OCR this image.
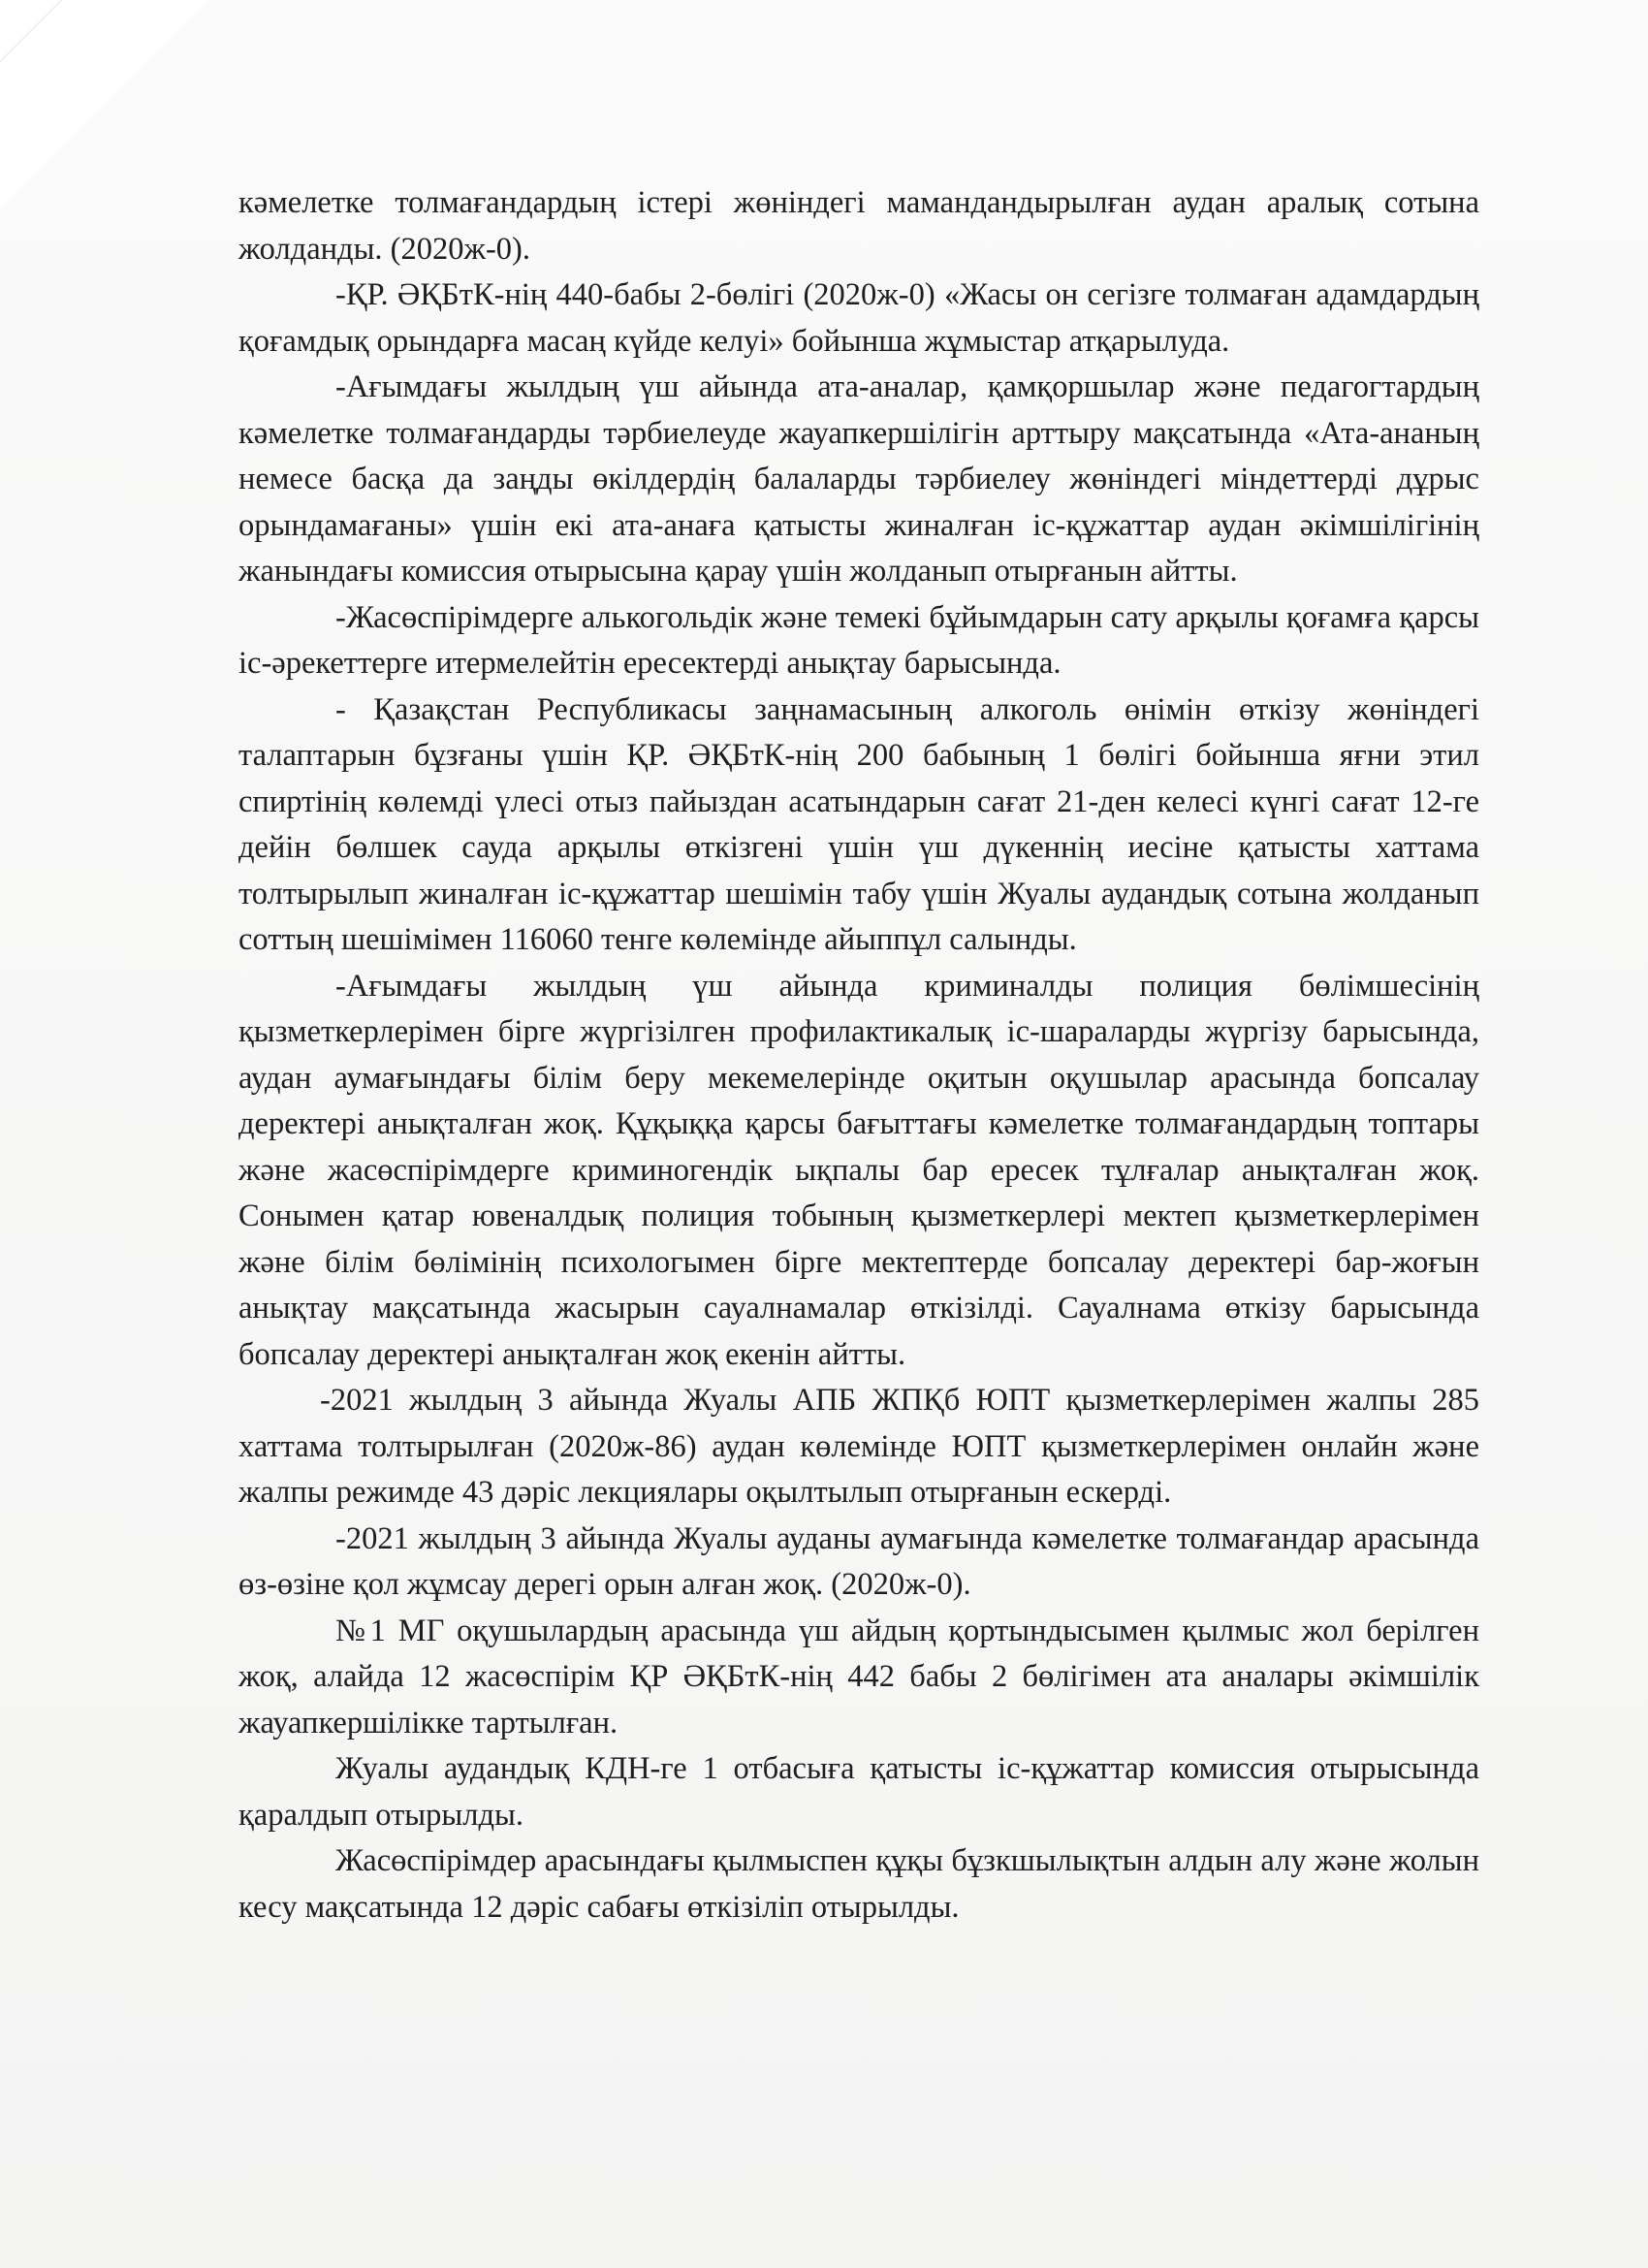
кәмелетке толмағандардың істері жөніндегі мамандандырылған аудан аралық сотына жолданды. (2020ж-0).

-ҚР. ӘҚБтК-нің 440-бабы 2-бөлігі (2020ж-0) «Жасы он сегізге толмаған адамдардың қоғамдық орындарға масаң күйде келуі» бойынша жұмыстар атқарылуда.

-Ағымдағы жылдың үш айында ата-аналар, қамқоршылар және педагогтардың кәмелетке толмағандарды тәрбиелеуде жауапкершілігін арттыру мақсатында «Ата-ананың немесе басқа да заңды өкілдердің балаларды тәрбиелеу жөніндегі міндеттерді дұрыс орындамағаны» үшін екі ата-анаға қатысты жиналған іс-құжаттар аудан әкімшілігінің жанындағы комиссия отырысына қарау үшін жолданып отырғанын айтты.

-Жасөспірімдерге алькогольдік және темекі бұйымдарын сату арқылы қоғамға қарсы іс-әрекеттерге итермелейтін ересектерді анықтау барысында.

- Қазақстан Республикасы заңнамасының алкоголь өнімін өткізу жөніндегі талаптарын бұзғаны үшін ҚР. ӘҚБтК-нің 200 бабының 1 бөлігі бойынша яғни этил спиртінің көлемді үлесі отыз пайыздан асатындарын сағат 21-ден келесі күнгі сағат 12-ге дейін бөлшек сауда арқылы өткізгені үшін үш дүкеннің иесіне қатысты хаттама толтырылып жиналған іс-құжаттар шешімін табу үшін Жуалы аудандық сотына жолданып соттың шешімімен 116060 тенге көлемінде айыппұл салынды.

-Ағымдағы жылдың үш айында криминалды полиция бөлімшесінің қызметкерлерімен бірге жүргізілген профилактикалық іс-шараларды жүргізу барысында, аудан аумағындағы білім беру мекемелерінде оқитын оқушылар арасында бопсалау деректері анықталған жоқ. Құқыққа қарсы бағыттағы кәмелетке толмағандардың топтары және жасөспірімдерге криминогендік ықпалы бар ересек тұлғалар анықталған жоқ. Сонымен қатар ювеналдық полиция тобының қызметкерлері мектеп қызметкерлерімен және білім бөлімінің психологымен бірге мектептерде бопсалау деректері бар-жоғын анықтау мақсатында жасырын сауалнамалар өткізілді. Сауалнама өткізу барысында бопсалау деректері анықталған жоқ екенін айтты.

-2021 жылдың 3 айында Жуалы АПБ ЖПҚб ЮПТ қызметкерлерімен жалпы 285 хаттама толтырылған (2020ж-86) аудан көлемінде ЮПТ қызметкерлерімен онлайн және жалпы режимде 43 дәріс лекциялары оқылтылып отырғанын ескерді.

-2021 жылдың 3 айында Жуалы ауданы аумағында кәмелетке толмағандар арасында өз-өзіне қол жұмсау дерегі орын алған жоқ. (2020ж-0).

№1 МГ оқушылардың арасында үш айдың қортындысымен қылмыс жол берілген жоқ, алайда 12 жасөспірім ҚР ӘҚБтК-нің 442 бабы 2 бөлігімен ата аналары әкімшілік жауапкершілікке тартылған.

Жуалы аудандық КДН-ге 1 отбасыға қатысты іс-құжаттар комиссия отырысында қаралдып отырылды.

Жасөспірімдер арасындағы қылмыспен құқы бұзкшылықтын алдын алу және жолын кесу мақсатында 12 дәріс сабағы өткізіліп отырылды.
